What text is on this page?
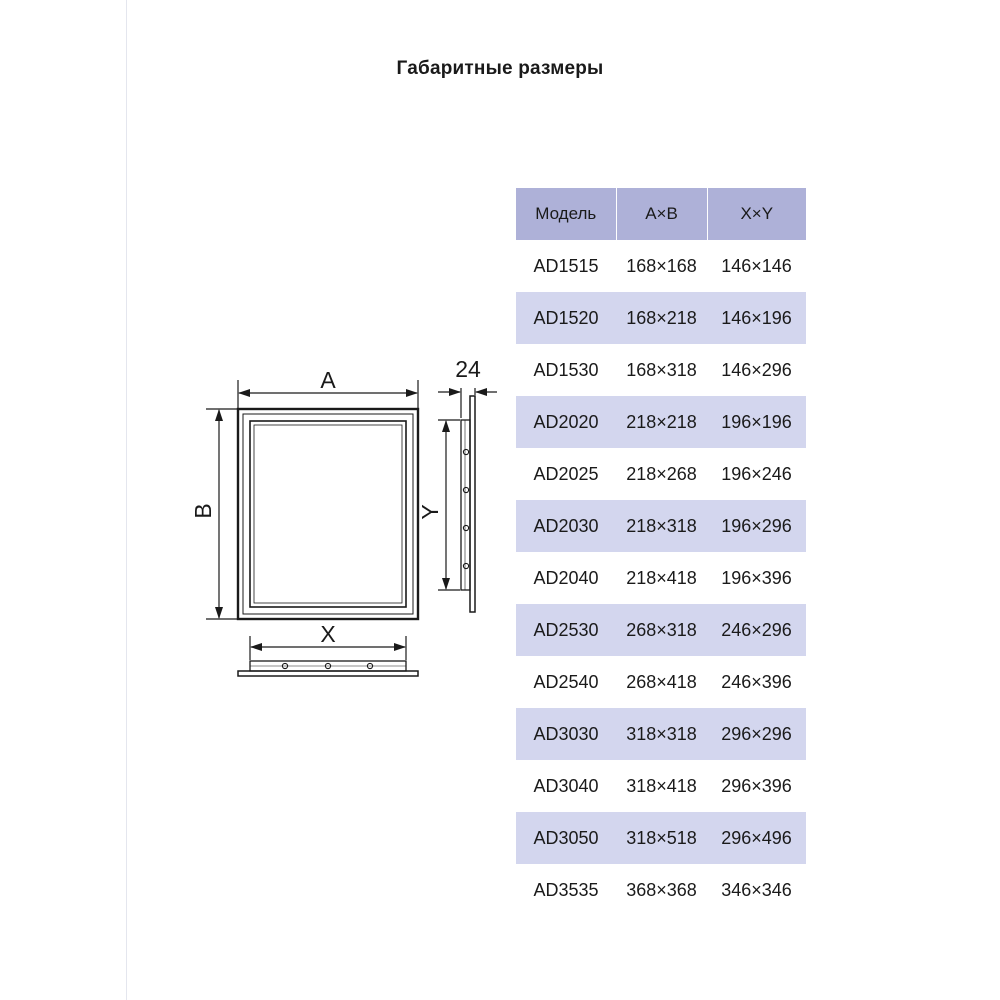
Габаритные размеры
A
B
24
Y
X
Модель	A×B	X×Y
AD1515	168×168	146×146
AD1520	168×218	146×196
AD1530	168×318	146×296
AD2020	218×218	196×196
AD2025	218×268	196×246
AD2030	218×318	196×296
AD2040	218×418	196×396
AD2530	268×318	246×296
AD2540	268×418	246×396
AD3030	318×318	296×296
AD3040	318×418	296×396
AD3050	318×518	296×496
AD3535	368×368	346×346
